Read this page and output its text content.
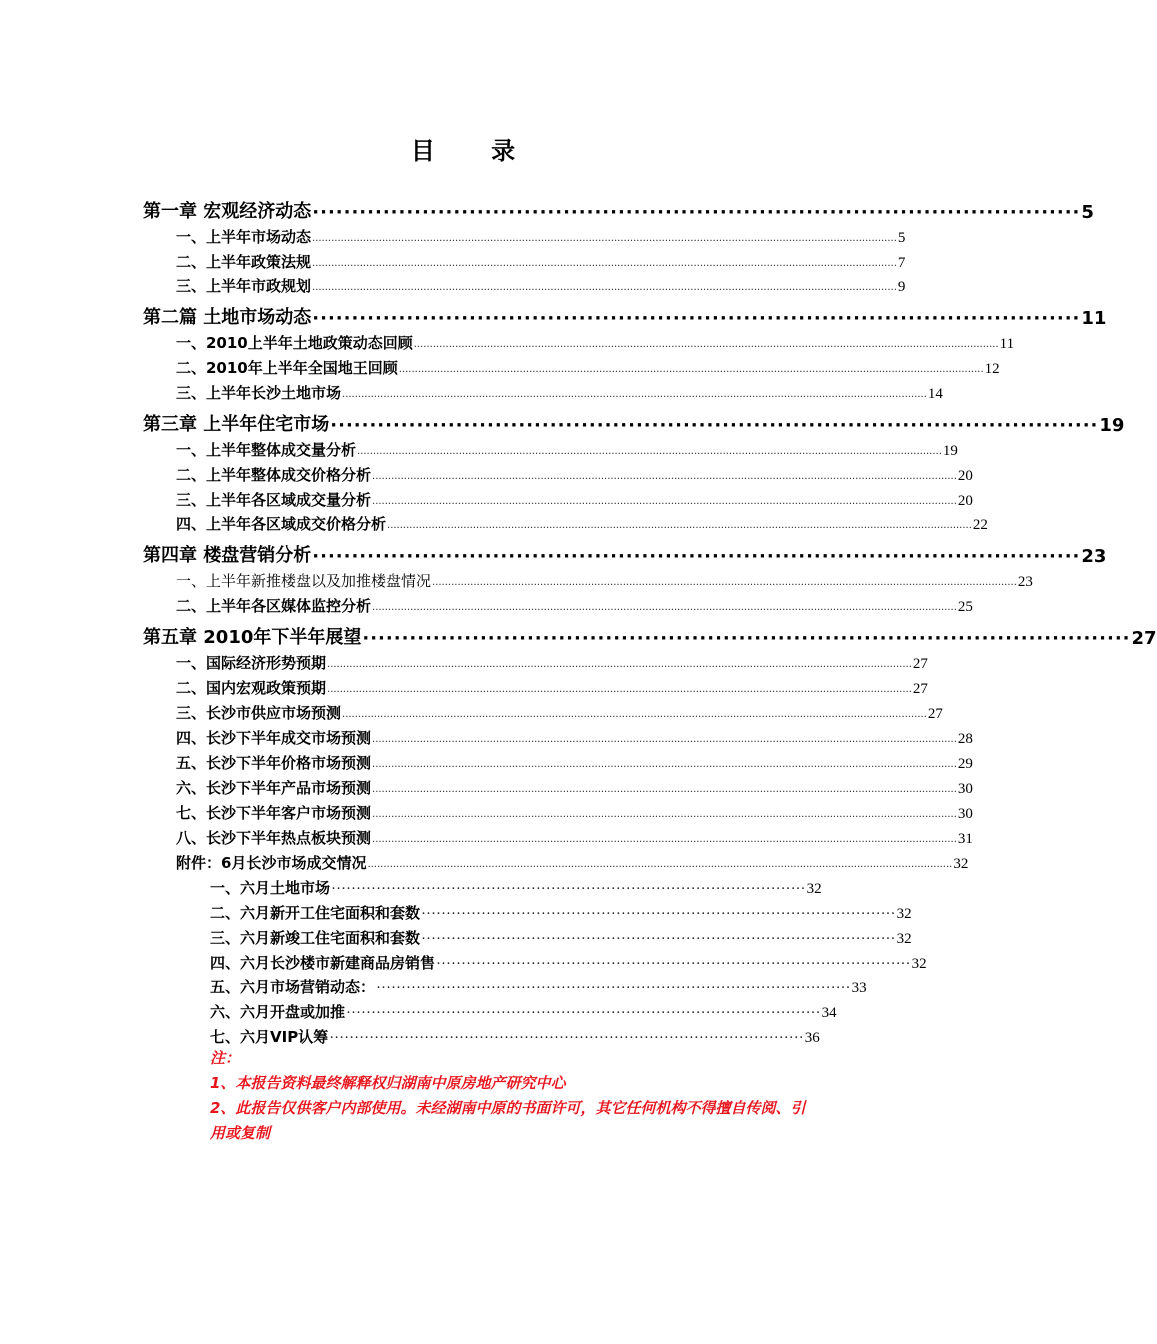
目 录
第一章 宏观经济动态 ·································································································· 5
一、上半年市场动态 ........................................................................................................................................................................................ 5
二、上半年政策法规 ........................................................................................................................................................................................ 7
三、上半年市政规划 ........................................................................................................................................................................................ 9
第二篇 土地市场动态 ·································································································· 11
一、2010上半年土地政策动态回顾 ........................................................................................................................................................................................ 11
二、2010年上半年全国地王回顾 ........................................................................................................................................................................................ 12
三、上半年长沙土地市场 ........................................................................................................................................................................................ 14
第三章 上半年住宅市场 ·································································································· 19
一、上半年整体成交量分析 ........................................................................................................................................................................................ 19
二、上半年整体成交价格分析 ........................................................................................................................................................................................ 20
三、上半年各区域成交量分析 ........................................................................................................................................................................................ 20
四、上半年各区域成交价格分析 ........................................................................................................................................................................................ 22
第四章 楼盘营销分析 ·································································································· 23
一、上半年新推楼盘以及加推楼盘情况 ........................................................................................................................................................................................ 23
二、上半年各区媒体监控分析 ........................................................................................................................................................................................ 25
第五章 2010年下半年展望 ·································································································· 27
一、国际经济形势预期 ........................................................................................................................................................................................ 27
二、国内宏观政策预期 ........................................................................................................................................................................................ 27
三、长沙市供应市场预测 ........................................................................................................................................................................................ 27
四、长沙下半年成交市场预测 ........................................................................................................................................................................................ 28
五、长沙下半年价格市场预测 ........................................................................................................................................................................................ 29
六、长沙下半年产品市场预测 ........................................................................................................................................................................................ 30
七、长沙下半年客户市场预测 ........................................................................................................................................................................................ 30
八、长沙下半年热点板块预测 ........................................................................................................................................................................................ 31
附件：6月长沙市场成交情况 ........................................................................................................................................................................................ 32
一、六月土地市场 ······························································································· 32
二、六月新开工住宅面积和套数 ······························································································· 32
三、六月新竣工住宅面积和套数 ······························································································· 32
四、六月长沙楼市新建商品房销售 ······························································································· 32
五、六月市场营销动态： ······························································································· 33
六、六月开盘或加推 ······························································································· 34
七、六月VIP认筹 ······························································································· 36
注：
1、本报告资料最终解释权归湖南中原房地产研究中心
2、此报告仅供客户内部使用。未经湖南中原的书面许可，其它任何机构不得擅自传阅、引用或复制
